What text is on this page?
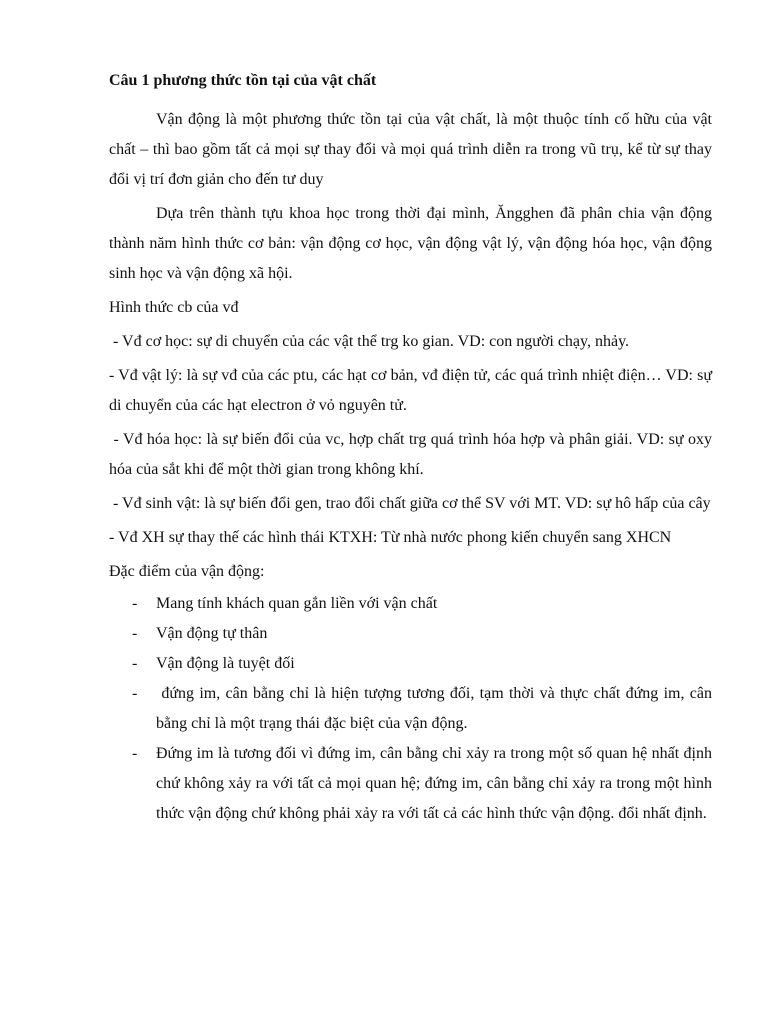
Câu 1 phương thức tồn tại của vật chất

Vận động là một phương thức tồn tại của vật chất, là một thuộc tính cố hữu của vật chất – thì bao gồm tất cả mọi sự thay đổi và mọi quá trình diễn ra trong vũ trụ, kể từ sự thay đổi vị trí đơn giản cho đến tư duy

Dựa trên thành tựu khoa học trong thời đại mình, Ăngghen đã phân chia vận động thành năm hình thức cơ bản: vận động cơ học, vận động vật lý, vận động hóa học, vận động sinh học và vận động xã hội.

Hình thức cb của vđ

- Vđ cơ học: sự di chuyển của các vật thể trg ko gian. VD: con người chạy, nhảy.

- Vđ vật lý: là sự vđ của các ptu, các hạt cơ bản, vđ điện tử, các quá trình nhiệt điện… VD: sự di chuyển của các hạt electron ở vỏ nguyên tử.

- Vđ hóa học: là sự biến đổi của vc, hợp chất trg quá trình hóa hợp và phân giải. VD: sự oxy hóa của sắt khi để một thời gian trong không khí.

- Vđ sinh vật: là sự biến đổi gen, trao đổi chất giữa cơ thể SV với MT. VD: sự hô hấp của cây

- Vđ XH sự thay thế các hình thái KTXH: Từ nhà nước phong kiến chuyển sang XHCN

Đặc điểm của vận động:

- Mang tính khách quan gắn liền với vận chất
- Vận động tự thân
- Vận động là tuyệt đối
- đứng im, cân bằng chỉ là hiện tượng tương đối, tạm thời và thực chất đứng im, cân bằng chỉ là một trạng thái đặc biệt của vận động.
- Đứng im là tương đối vì đứng im, cân bằng chỉ xảy ra trong một số quan hệ nhất định chứ không xảy ra với tất cả mọi quan hệ; đứng im, cân bằng chỉ xảy ra trong một hình thức vận động chứ không phải xảy ra với tất cả các hình thức vận động. đổi nhất định.
